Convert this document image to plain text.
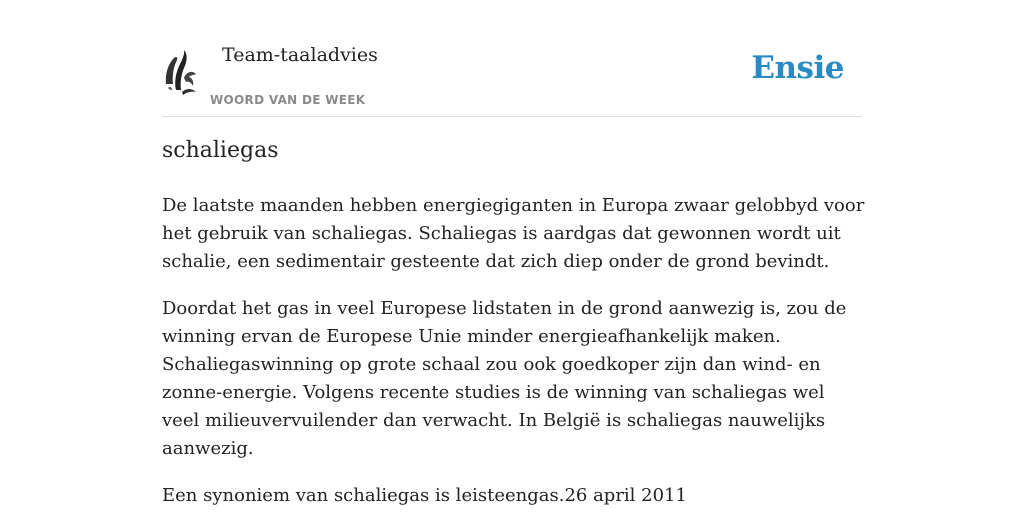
Team-taaladvies
WOORD VAN DE WEEK
Ensie
schaliegas

De laatste maanden hebben energiegiganten in Europa zwaar gelobbyd voor het gebruik van schaliegas. Schaliegas is aardgas dat gewonnen wordt uit schalie, een sedimentair gesteente dat zich diep onder de grond bevindt.

Doordat het gas in veel Europese lidstaten in de grond aanwezig is, zou de winning ervan de Europese Unie minder energieafhankelijk maken. Schaliegaswinning op grote schaal zou ook goedkoper zijn dan wind- en zonne-energie. Volgens recente studies is de winning van schaliegas wel veel milieuvervuilender dan verwacht. In België is schaliegas nauwelijks aanwezig.

Een synoniem van schaliegas is leisteengas.26 april 2011
